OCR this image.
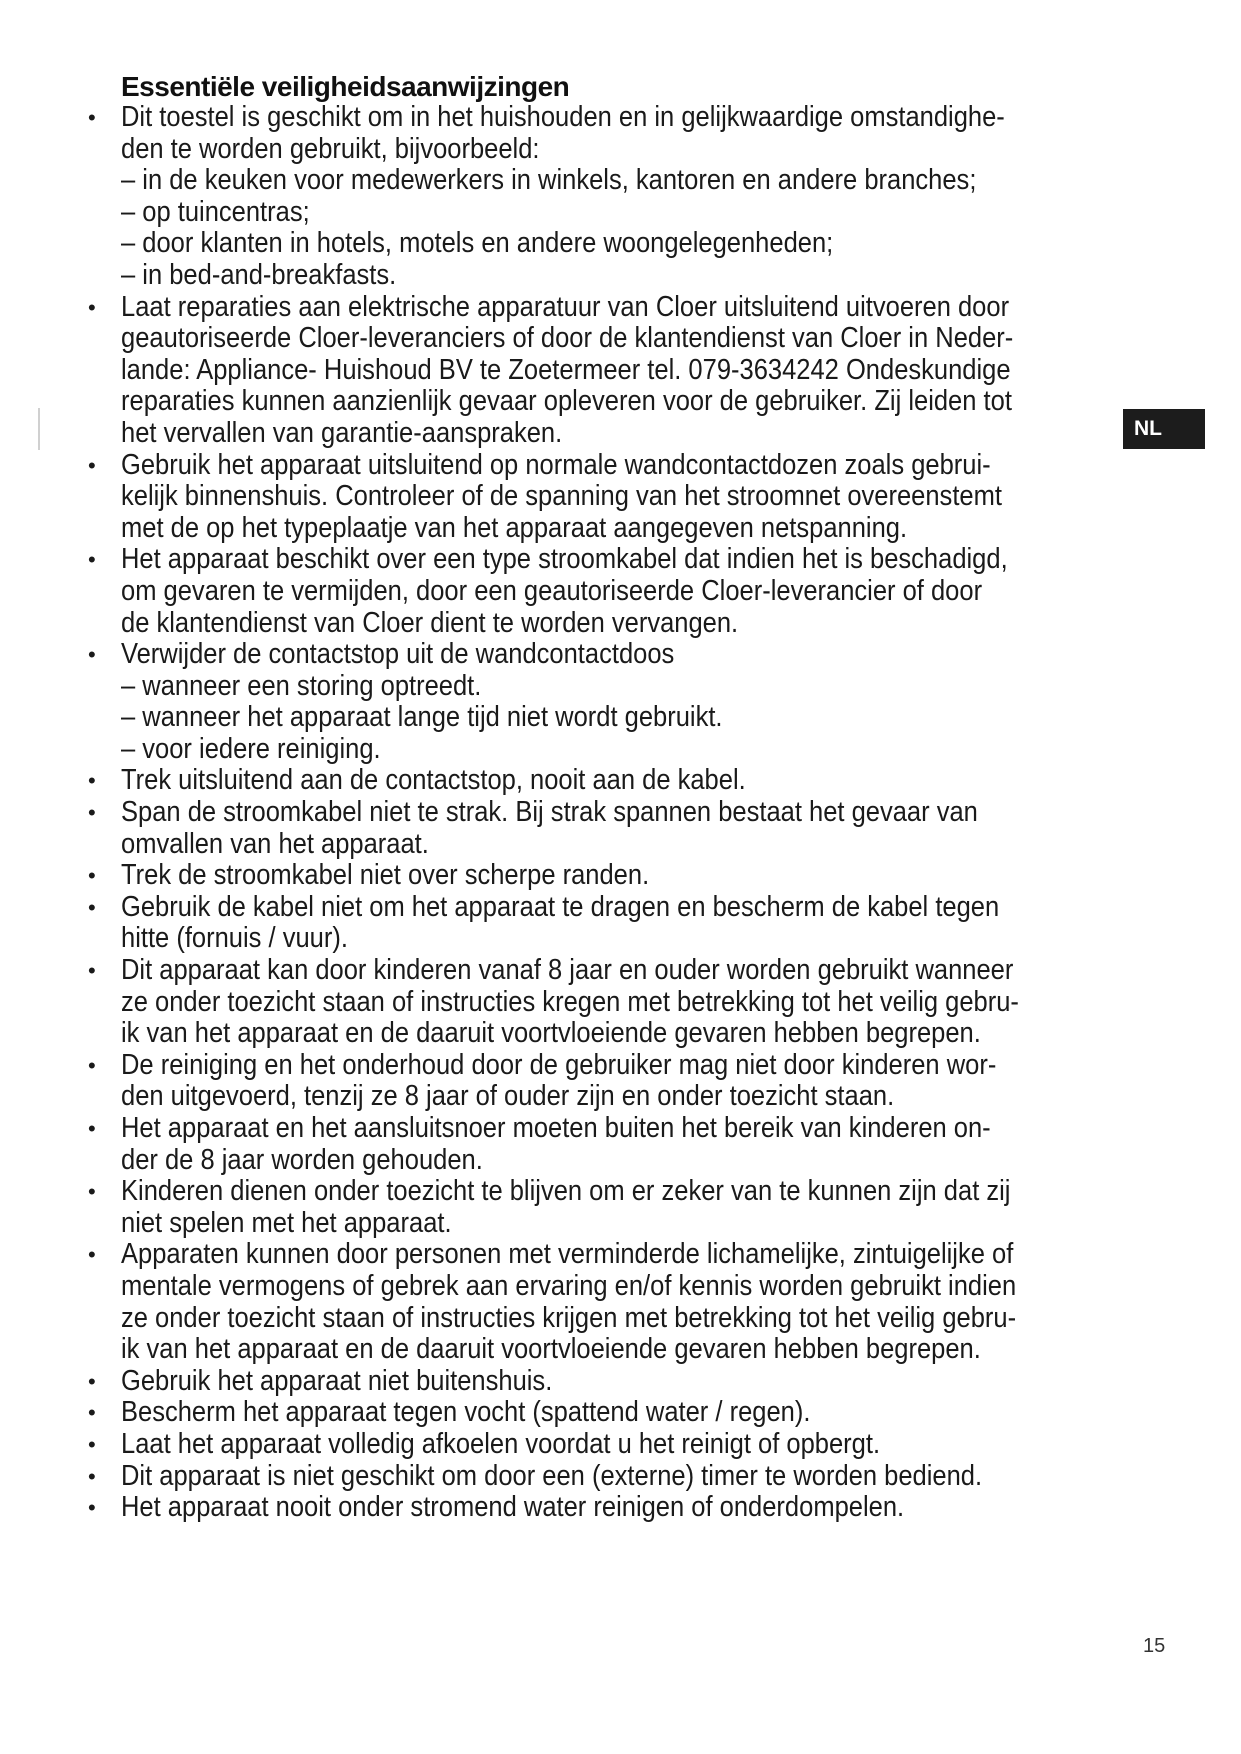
Essentiële veiligheidsaanwijzingen
• Dit toestel is geschikt om in het huishouden en in gelijkwaardige omstandighe-
den te worden gebruikt, bijvoorbeeld:
– in de keuken voor medewerkers in winkels, kantoren en andere branches;
– op tuincentras;
– door klanten in hotels, motels en andere woongelegenheden;
– in bed-and-breakfasts.
• Laat reparaties aan elektrische apparatuur van Cloer uitsluitend uitvoeren door
geautoriseerde Cloer-leveranciers of door de klantendienst van Cloer in Neder-
lande: Appliance- Huishoud BV te Zoetermeer tel. 079-3634242 Ondeskundige
reparaties kunnen aanzienlijk gevaar opleveren voor de gebruiker. Zij leiden tot
het vervallen van garantie-aanspraken.
• Gebruik het apparaat uitsluitend op normale wandcontactdozen zoals gebrui-
kelijk binnenshuis. Controleer of de spanning van het stroomnet overeenstemt
met de op het typeplaatje van het apparaat aangegeven netspanning.
• Het apparaat beschikt over een type stroomkabel dat indien het is beschadigd,
om gevaren te vermijden, door een geautoriseerde Cloer-leverancier of door
de klantendienst van Cloer dient te worden vervangen.
• Verwijder de contactstop uit de wandcontactdoos
– wanneer een storing optreedt.
– wanneer het apparaat lange tijd niet wordt gebruikt.
– voor iedere reiniging.
• Trek uitsluitend aan de contactstop, nooit aan de kabel.
• Span de stroomkabel niet te strak. Bij strak spannen bestaat het gevaar van
omvallen van het apparaat.
• Trek de stroomkabel niet over scherpe randen.
• Gebruik de kabel niet om het apparaat te dragen en bescherm de kabel tegen
hitte (fornuis / vuur).
• Dit apparaat kan door kinderen vanaf 8 jaar en ouder worden gebruikt wanneer
ze onder toezicht staan of instructies kregen met betrekking tot het veilig gebru-
ik van het apparaat en de daaruit voortvloeiende gevaren hebben begrepen.
• De reiniging en het onderhoud door de gebruiker mag niet door kinderen wor-
den uitgevoerd, tenzij ze 8 jaar of ouder zijn en onder toezicht staan.
• Het apparaat en het aansluitsnoer moeten buiten het bereik van kinderen on-
der de 8 jaar worden gehouden.
• Kinderen dienen onder toezicht te blijven om er zeker van te kunnen zijn dat zij
niet spelen met het apparaat.
• Apparaten kunnen door personen met verminderde lichamelijke, zintuigelijke of
mentale vermogens of gebrek aan ervaring en/of kennis worden gebruikt indien
ze onder toezicht staan of instructies krijgen met betrekking tot het veilig gebru-
ik van het apparaat en de daaruit voortvloeiende gevaren hebben begrepen.
• Gebruik het apparaat niet buitenshuis.
• Bescherm het apparaat tegen vocht (spattend water / regen).
• Laat het apparaat volledig afkoelen voordat u het reinigt of opbergt.
• Dit apparaat is niet geschikt om door een (externe) timer te worden bediend.
• Het apparaat nooit onder stromend water reinigen of onderdompelen.
NL
15
